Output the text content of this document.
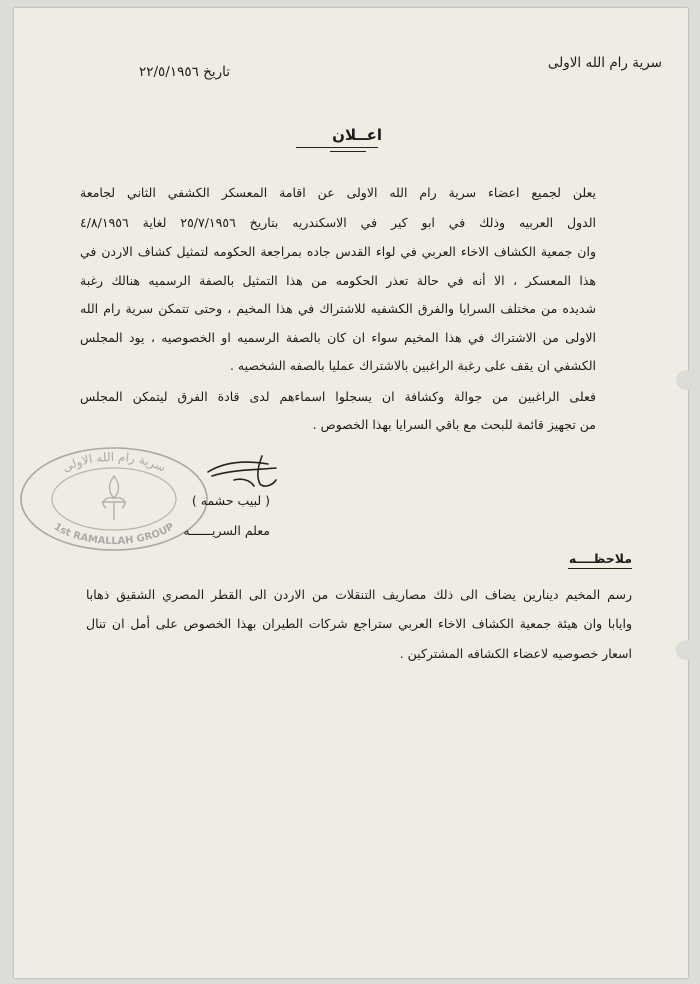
سرية رام الله الاولى
تاريخ ٢٢/٥/١٩٥٦
اعــلان
يعلن لجميع اعضاء سرية رام الله الاولى عن اقامة المعسكر الكشفي الثاني لجامعة
الدول العربيه وذلك في ابو كير في الاسكندريه بتاريخ ٢٥/٧/١٩٥٦ لغاية ٤/٨/١٩٥٦
وان جمعية الكشاف الاخاء العربي في لواء القدس جاده بمراجعة الحكومه لتمثيل كشاف الاردن في
هذا المعسكر ، الا أنه في حالة تعذر الحكومه من هذا التمثيل بالصفة الرسميه هنالك رغبة
شديده من مختلف السرايا والفرق الكشفيه للاشتراك في هذا المخيم ، وحتى تتمكن سرية رام الله
الاولى من الاشتراك في هذا المخيم سواء ان كان بالصفة الرسميه او الخصوصيه ، يود المجلس
الكشفي ان يقف على رغبة الراغبين بالاشتراك عمليا بالصفه الشخصيه .
فعلى الراغبين من جوالة وكشافة ان يسجلوا اسماءهم لدى قادة الفرق ليتمكن المجلس
من تجهيز قائمة للبحث مع باقي السرايا بهذا الخصوص .
سرية رام الله الاولى
1st RAMALLAH GROUP
( لبيب حشمه )
معلم السريــــــه
ملاحظــــه
رسم المخيم دينارين يضاف الى ذلك مصاريف التنقلات من الاردن الى القطر المصري الشقيق ذهابا
وايابا وان هيئة جمعية الكشاف الاخاء العربي ستراجع شركات الطيران بهذا الخصوص على أمل ان تنال
اسعار خصوصيه لاعضاء الكشافه المشتركين .
